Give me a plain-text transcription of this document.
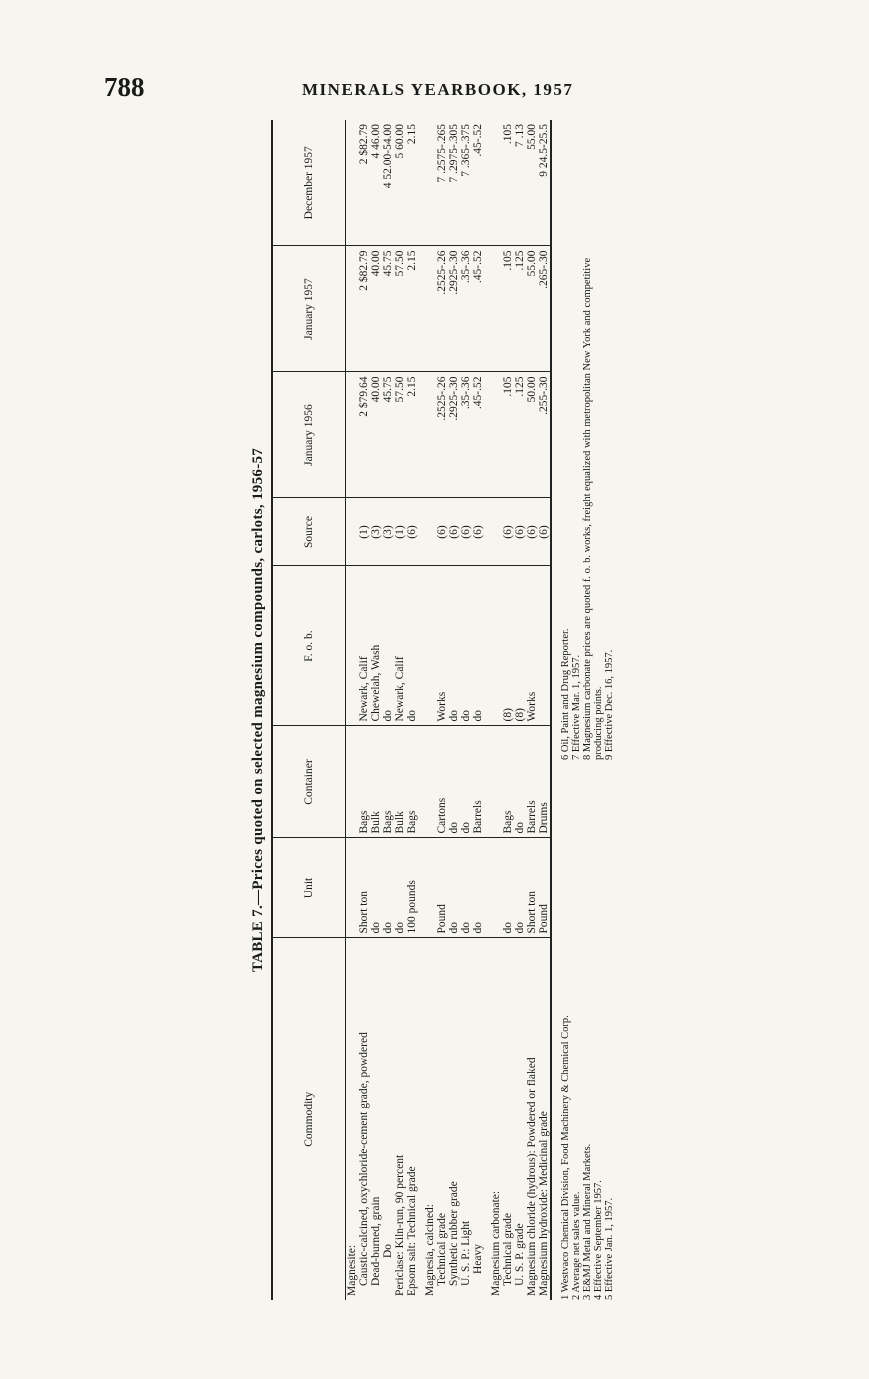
788	MINERALS YEARBOOK, 1957
TABLE 7.—Prices quoted on selected magnesium compounds, carlots, 1956-57
Commodity	Unit	Container	F. o. b.	Source	January 1956	January 1957	December 1957
Magnesite:							
Caustic-calcined, oxychloride-cement grade, powdered	Short ton	Bags	Newark, Calif	(1)	2 $79.64	2 $82.79	2 $82.79
Dead-burned, grain	do	Bulk	Chewelah, Wash	(3)	40.00	40.00	4 46.00
Do	do	Bags	do	(3)	45.75	45.75	4 52.00-54.00
Periclase: Kiln-run, 90 percent	do	Bulk	Newark, Calif	(1)	57.50	57.50	5 60.00
Epsom salt: Technical grade	100 pounds	Bags	do	(6)	2.15	2.15	2.15

Magnesia, calcined:							
Technical grade	Pound	Cartons	Works	(6)	.2525-.26	.2525-.26	7 .2575-.265
Synthetic rubber grade	do	do	do	(6)	.2925-.30	.2925-.30	7 .2975-.305
U. S. P.: Light	do	do	do	(6)	.35-.36	.35-.36	7 .365-.375
Heavy	do	Barrels	do	(6)	.45-.52	.45-.52	.45-.52

Magnesium carbonate:							
Technical grade	do	Bags	(8)	(6)	.105	.105	.105
U. S. P. grade	do	do	(8)	(6)	.125	.125	7 .13
Magnesium chloride (hydrous): Powdered or flaked	Short ton	Barrels	Works	(6)	50.00	55.00	55.00
Magnesium hydroxide: Medicinal grade	Pound	Drums		(6)	.255-.30	.265-.30	9 24.5-25.5
1 Westvaco Chemical Division, Food Machinery & Chemical Corp. 2 Average net sales value. 3 E&MJ Metal and Mineral Markets. 4 Effective September 1957. 5 Effective Jan. 1, 1957.
6 Oil, Paint and Drug Reporter. 7 Effective Mar. 1, 1957. 8 Magnesium carbonate prices are quoted f. o. b. works, freight equalized with metropolitan New York and competitive producing points. 9 Effective Dec. 16, 1957.
